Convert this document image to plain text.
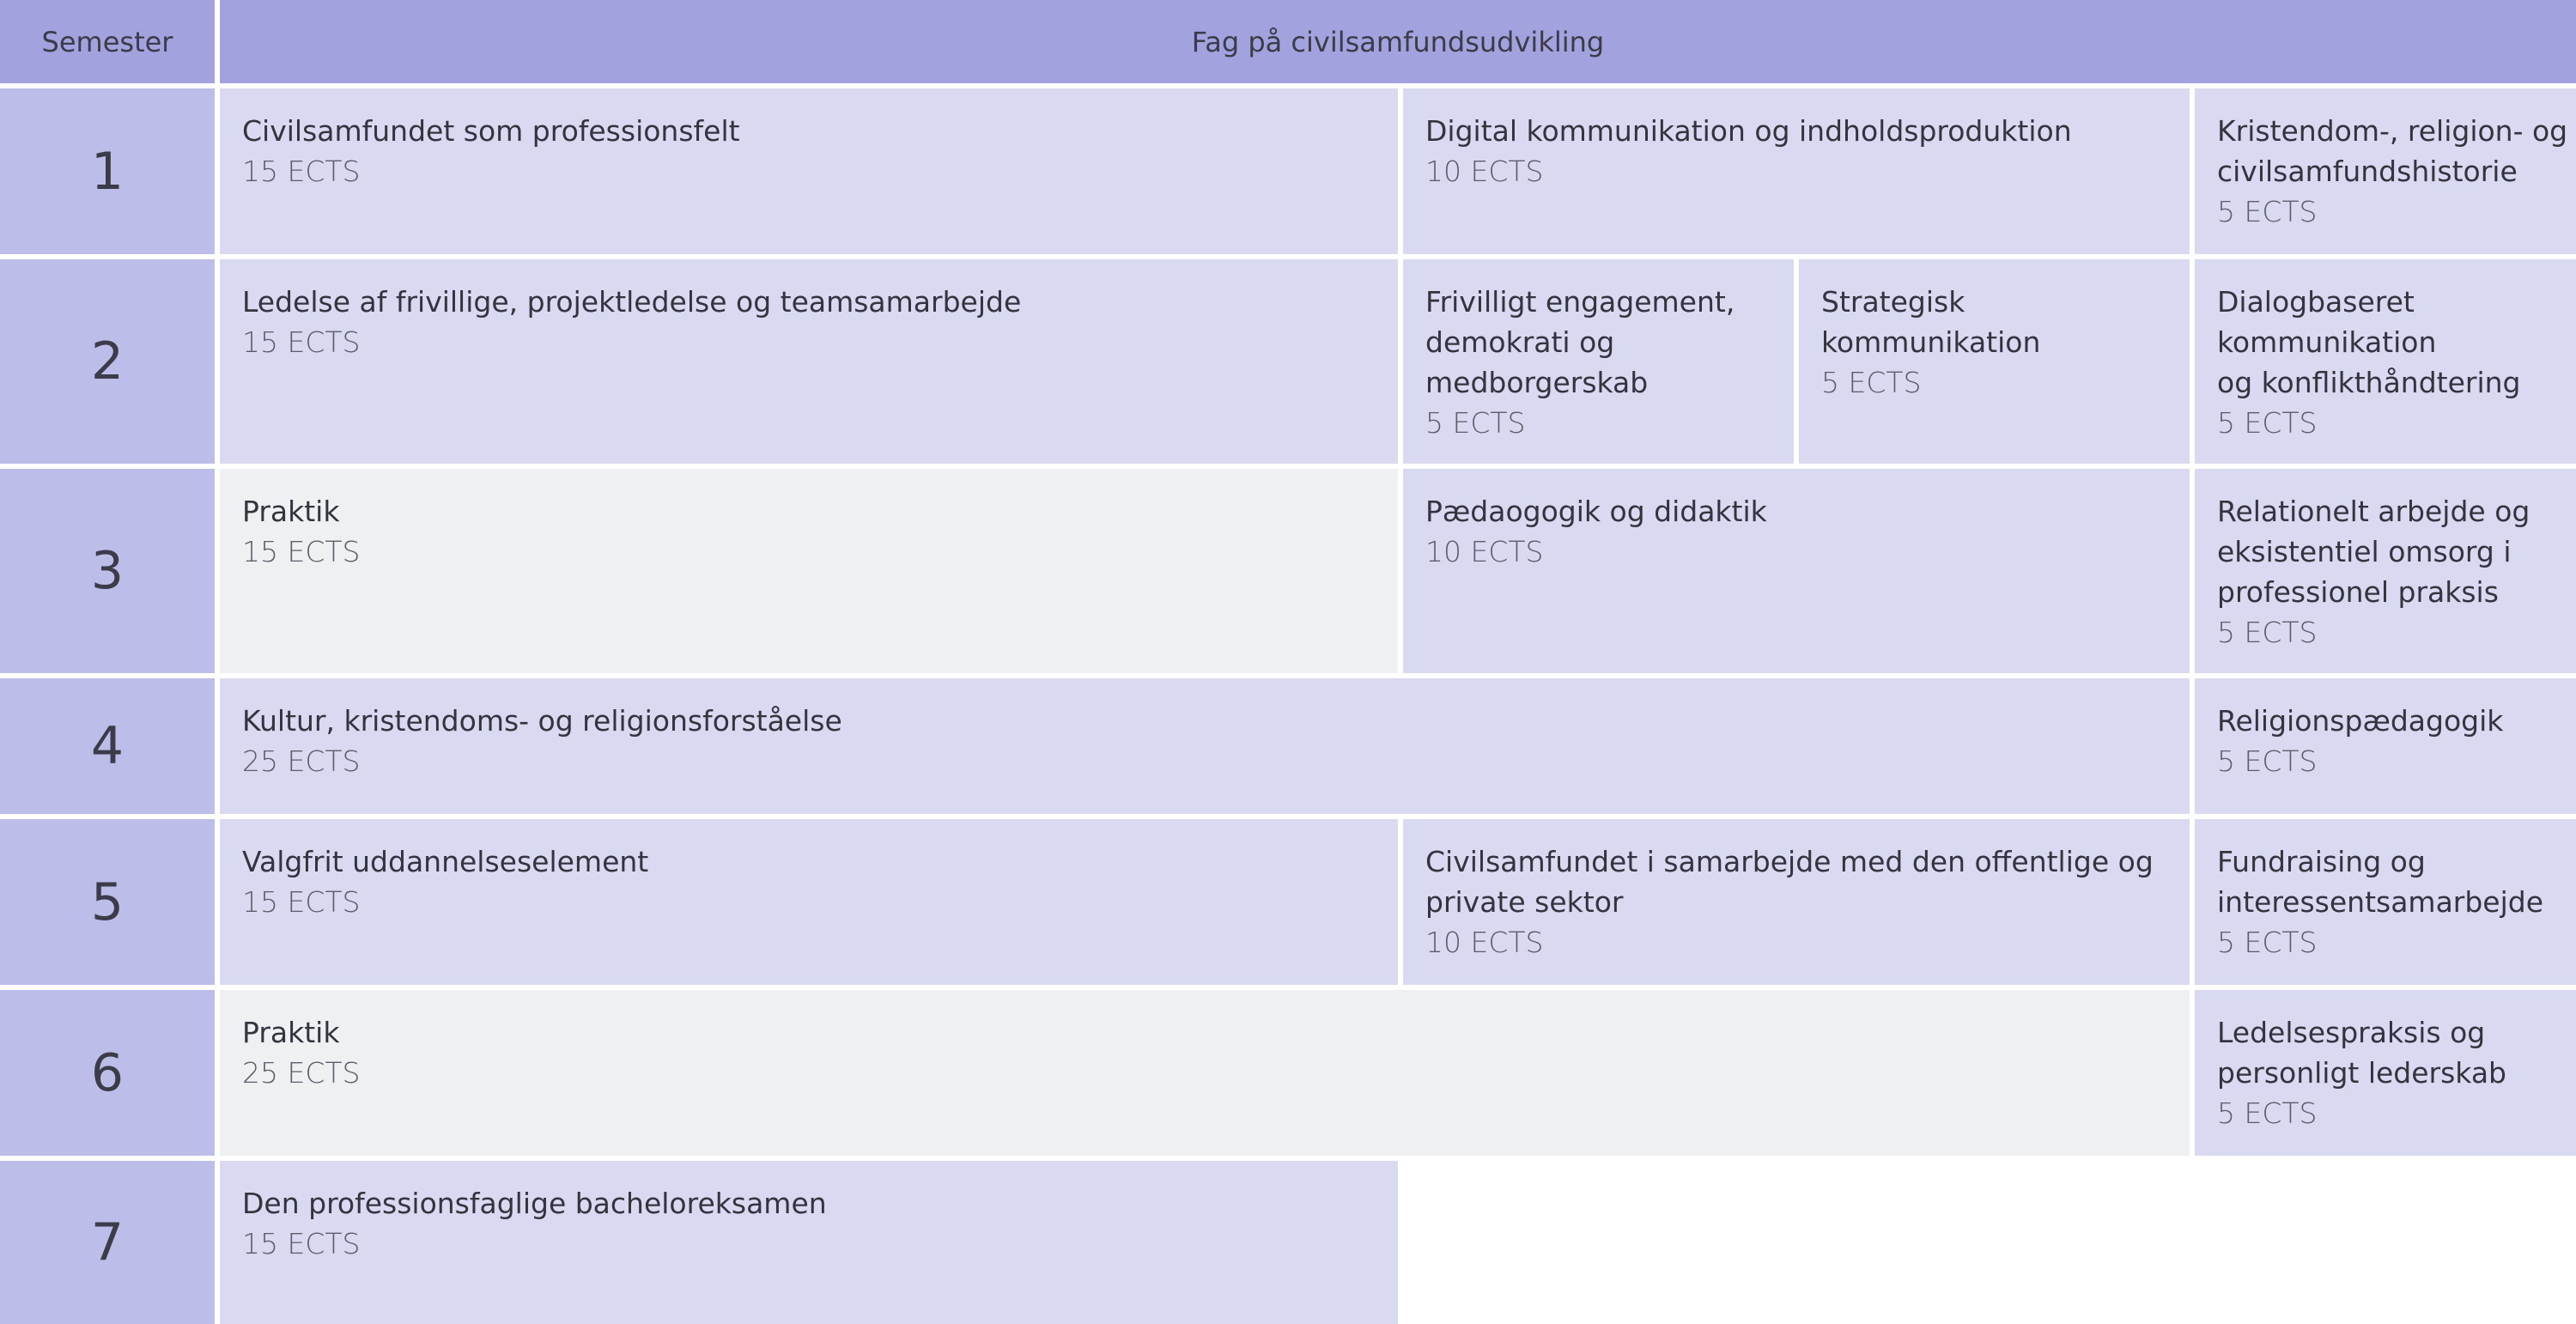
Semester	Fag på civilsamfundsudvikling
1
Civilsamfundet som professionsfelt
15 ECTS
Digital kommunikation og indholdsproduktion
10 ECTS
Kristendom-, religion- og
civilsamfundshistorie
5 ECTS
2
Ledelse af frivillige, projektledelse og teamsamarbejde
15 ECTS
Frivilligt engagement,
demokrati og
medborgerskab
5 ECTS
Strategisk
kommunikation
5 ECTS
Dialogbaseret
kommunikation
og konflikthåndtering
5 ECTS
3
Praktik
15 ECTS
Pædaogogik og didaktik
10 ECTS
Relationelt arbejde og
eksistentiel omsorg i
professionel praksis
5 ECTS
4	Kultur, kristendoms- og religionsforståelse
25 ECTS
Religionspædagogik
5 ECTS
5
Valgfrit uddannelseselement
15 ECTS
Civilsamfundet i samarbejde med den offentlige og
private sektor
10 ECTS
Fundraising og
interessentsamarbejde
5 ECTS
6
Praktik
25 ECTS
Ledelsespraksis og
personligt lederskab
5 ECTS
7
Den professionsfaglige bacheloreksamen
15 ECTS
